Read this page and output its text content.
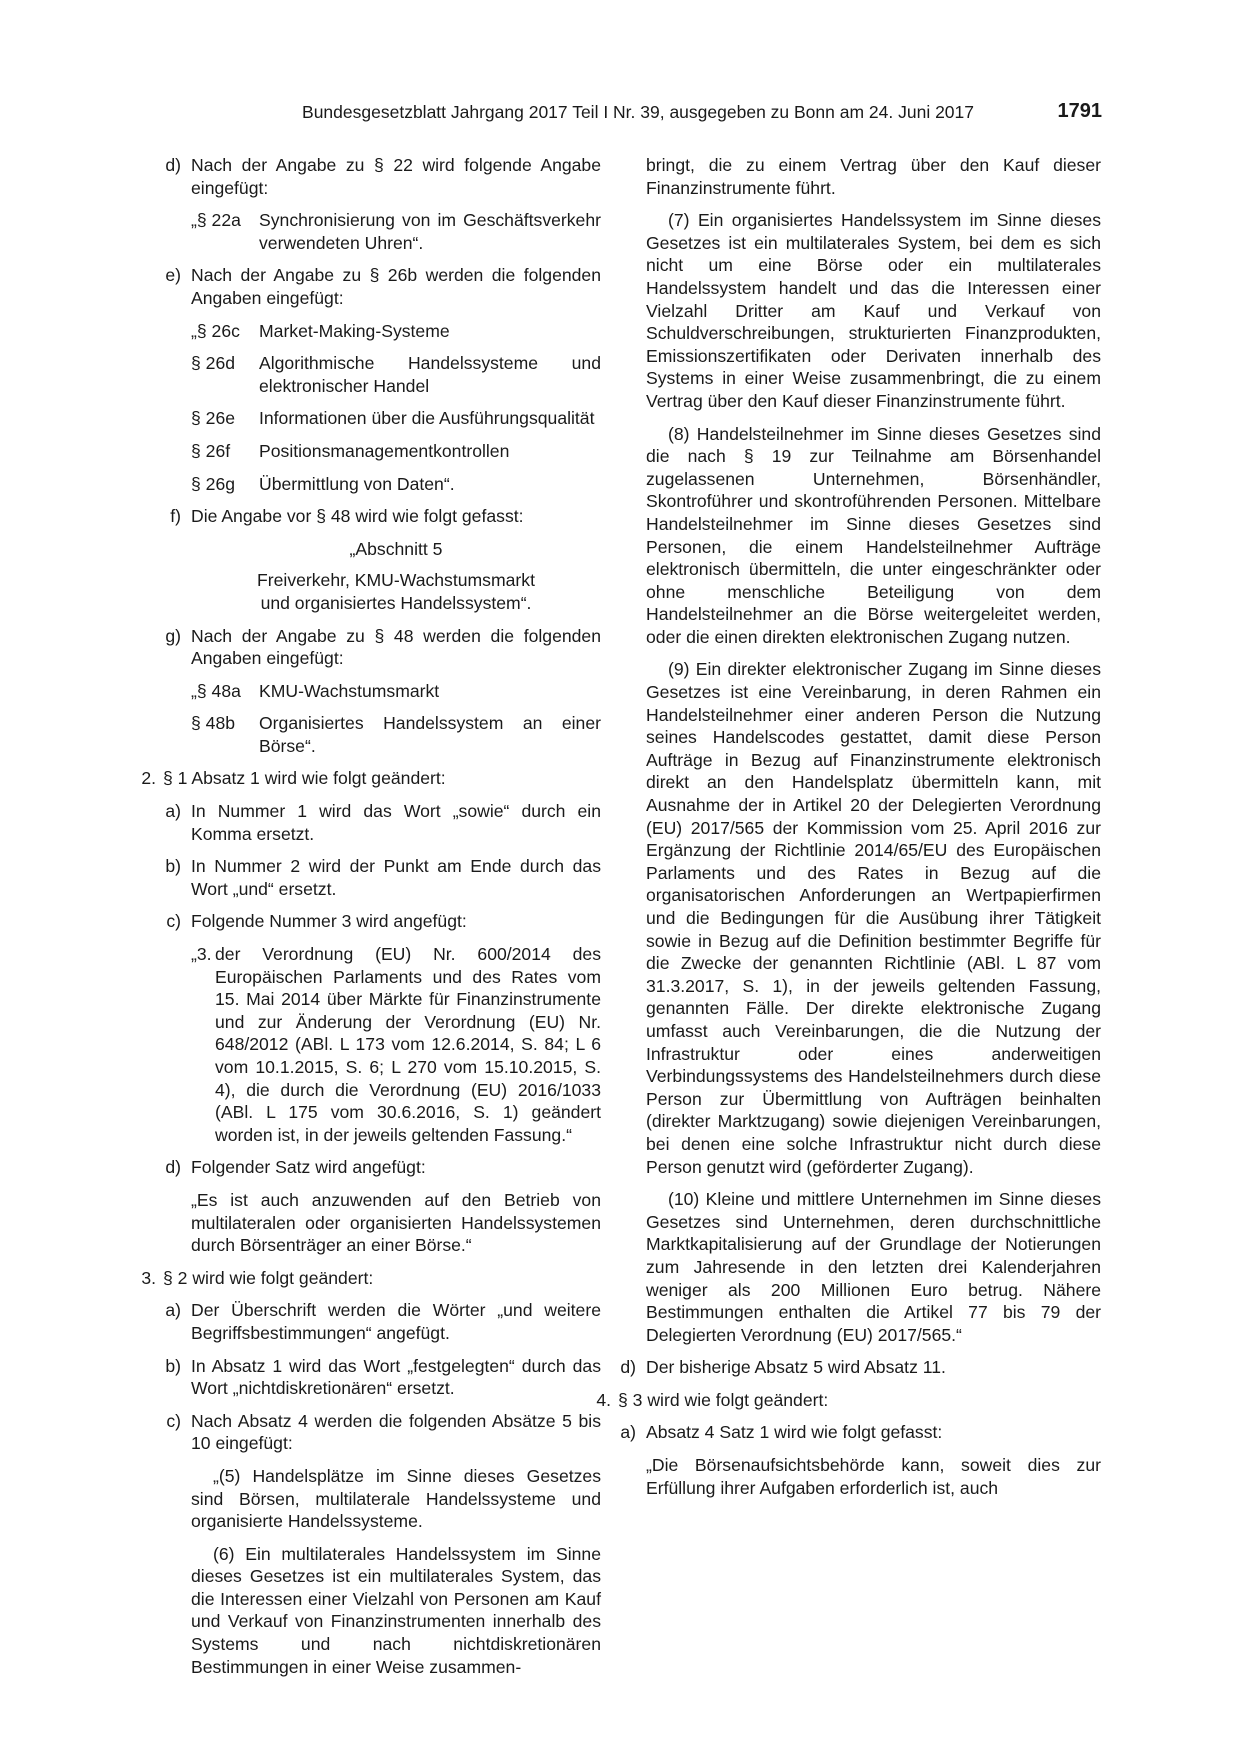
Bundesgesetzblatt Jahrgang 2017 Teil I Nr. 39, ausgegeben zu Bonn am 24. Juni 2017	1791
d) Nach der Angabe zu § 22 wird folgende Angabe eingefügt:

„§ 22a Synchronisierung von im Geschäftsverkehr verwendeten Uhren“.

e) Nach der Angabe zu § 26b werden die folgenden Angaben eingefügt:

„§ 26c Market-Making-Systeme

§ 26d Algorithmische Handelssysteme und elektronischer Handel

§ 26e Informationen über die Ausführungsqualität

§ 26f Positionsmanagementkontrollen

§ 26g Übermittlung von Daten“.

f) Die Angabe vor § 48 wird wie folgt gefasst:

„Abschnitt 5

Freiverkehr, KMU-Wachstumsmarkt

und organisiertes Handelssystem“.

g) Nach der Angabe zu § 48 werden die folgenden Angaben eingefügt:

„§ 48a KMU-Wachstumsmarkt

§ 48b Organisiertes Handelssystem an einer Börse“.

2. § 1 Absatz 1 wird wie folgt geändert:

a) In Nummer 1 wird das Wort „sowie“ durch ein Komma ersetzt.

b) In Nummer 2 wird der Punkt am Ende durch das Wort „und“ ersetzt.

c) Folgende Nummer 3 wird angefügt:

„3. der Verordnung (EU) Nr. 600/2014 des Europäischen Parlaments und des Rates vom 15. Mai 2014 über Märkte für Finanzinstrumente und zur Änderung der Verordnung (EU) Nr. 648/2012 (ABl. L 173 vom 12.6.2014, S. 84; L 6 vom 10.1.2015, S. 6; L 270 vom 15.10.2015, S. 4), die durch die Verordnung (EU) 2016/1033 (ABl. L 175 vom 30.6.2016, S. 1) geändert worden ist, in der jeweils geltenden Fassung.“

d) Folgender Satz wird angefügt:

„Es ist auch anzuwenden auf den Betrieb von multilateralen oder organisierten Handelssystemen durch Börsenträger an einer Börse.“

3. § 2 wird wie folgt geändert:

a) Der Überschrift werden die Wörter „und weitere Begriffsbestimmungen“ angefügt.

b) In Absatz 1 wird das Wort „festgelegten“ durch das Wort „nichtdiskretionären“ ersetzt.

c) Nach Absatz 4 werden die folgenden Absätze 5 bis 10 eingefügt:

„(5) Handelsplätze im Sinne dieses Gesetzes sind Börsen, multilaterale Handelssysteme und organisierte Handelssysteme.

(6) Ein multilaterales Handelssystem im Sinne dieses Gesetzes ist ein multilaterales System, das die Interessen einer Vielzahl von Personen am Kauf und Verkauf von Finanzinstrumenten innerhalb des Systems und nach nichtdiskretionären Bestimmungen in einer Weise zusammen-

bringt, die zu einem Vertrag über den Kauf dieser Finanzinstrumente führt.

(7) Ein organisiertes Handelssystem im Sinne dieses Gesetzes ist ein multilaterales System, bei dem es sich nicht um eine Börse oder ein multilaterales Handelssystem handelt und das die Interessen einer Vielzahl Dritter am Kauf und Verkauf von Schuldverschreibungen, strukturierten Finanzprodukten, Emissionszertifikaten oder Derivaten innerhalb des Systems in einer Weise zusammenbringt, die zu einem Vertrag über den Kauf dieser Finanzinstrumente führt.

(8) Handelsteilnehmer im Sinne dieses Gesetzes sind die nach § 19 zur Teilnahme am Börsenhandel zugelassenen Unternehmen, Börsenhändler, Skontroführer und skontroführenden Personen. Mittelbare Handelsteilnehmer im Sinne dieses Gesetzes sind Personen, die einem Handelsteilnehmer Aufträge elektronisch übermitteln, die unter eingeschränkter oder ohne menschliche Beteiligung von dem Handelsteilnehmer an die Börse weitergeleitet werden, oder die einen direkten elektronischen Zugang nutzen.

(9) Ein direkter elektronischer Zugang im Sinne dieses Gesetzes ist eine Vereinbarung, in deren Rahmen ein Handelsteilnehmer einer anderen Person die Nutzung seines Handelscodes gestattet, damit diese Person Aufträge in Bezug auf Finanzinstrumente elektronisch direkt an den Handelsplatz übermitteln kann, mit Ausnahme der in Artikel 20 der Delegierten Verordnung (EU) 2017/565 der Kommission vom 25. April 2016 zur Ergänzung der Richtlinie 2014/65/EU des Europäischen Parlaments und des Rates in Bezug auf die organisatorischen Anforderungen an Wertpapierfirmen und die Bedingungen für die Ausübung ihrer Tätigkeit sowie in Bezug auf die Definition bestimmter Begriffe für die Zwecke der genannten Richtlinie (ABl. L 87 vom 31.3.2017, S. 1), in der jeweils geltenden Fassung, genannten Fälle. Der direkte elektronische Zugang umfasst auch Vereinbarungen, die die Nutzung der Infrastruktur oder eines anderweitigen Verbindungssystems des Handelsteilnehmers durch diese Person zur Übermittlung von Aufträgen beinhalten (direkter Marktzugang) sowie diejenigen Vereinbarungen, bei denen eine solche Infrastruktur nicht durch diese Person genutzt wird (geförderter Zugang).

(10) Kleine und mittlere Unternehmen im Sinne dieses Gesetzes sind Unternehmen, deren durchschnittliche Marktkapitalisierung auf der Grundlage der Notierungen zum Jahresende in den letzten drei Kalenderjahren weniger als 200 Millionen Euro betrug. Nähere Bestimmungen enthalten die Artikel 77 bis 79 der Delegierten Verordnung (EU) 2017/565.“

d) Der bisherige Absatz 5 wird Absatz 11.

4. § 3 wird wie folgt geändert:

a) Absatz 4 Satz 1 wird wie folgt gefasst:

„Die Börsenaufsichtsbehörde kann, soweit dies zur Erfüllung ihrer Aufgaben erforderlich ist, auch
